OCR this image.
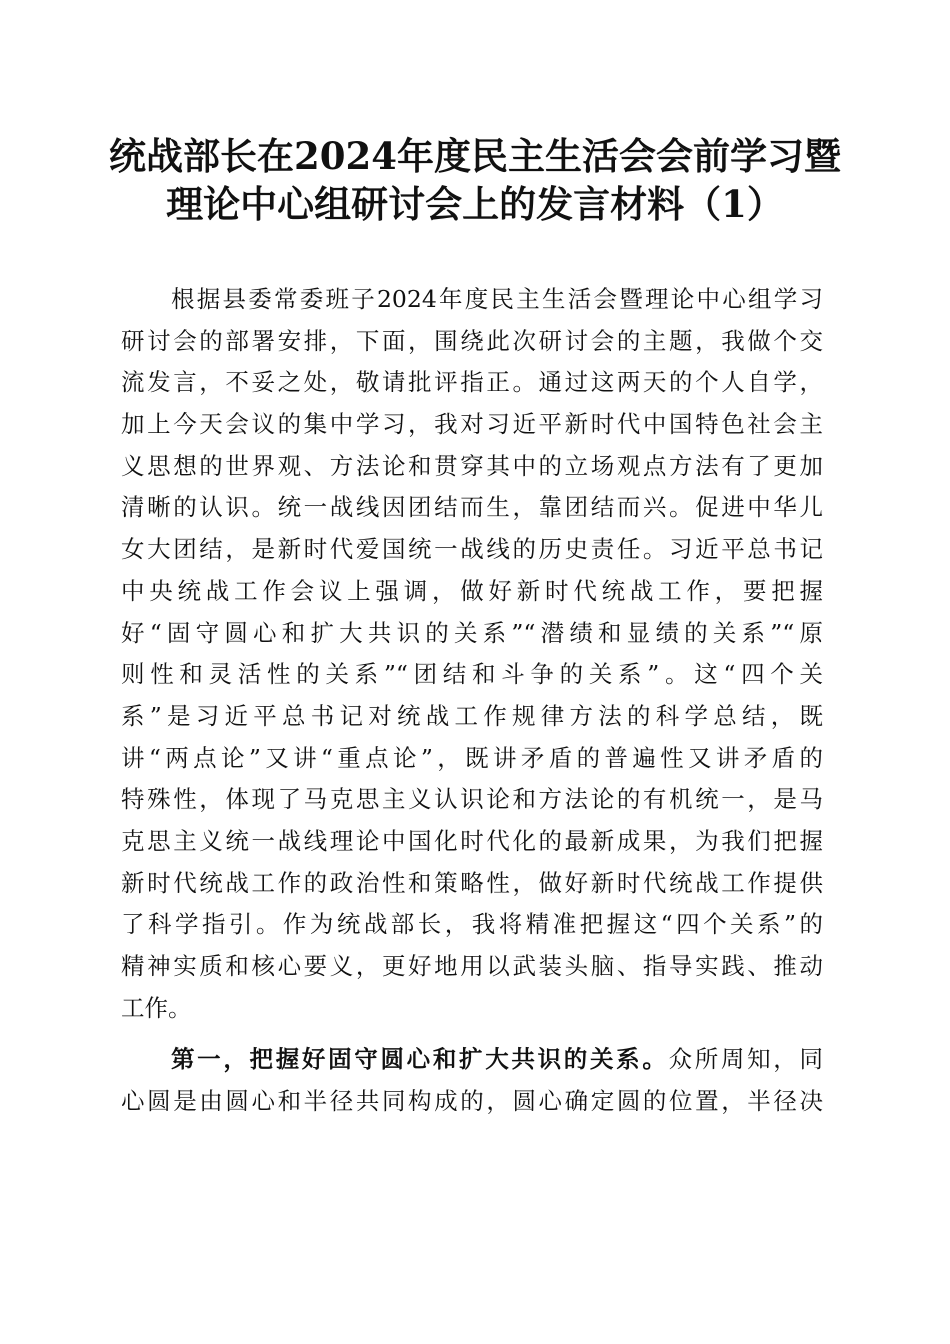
统战部长在2024年度民主生活会会前学习暨
理论中心组研讨会上的发言材料（1）
根据县委常委班子2024年度民主生活会暨理论中心组学习
研讨会的部署安排，下面，围绕此次研讨会的主题，我做个交
流发言，不妥之处，敬请批评指正。通过这两天的个人自学，
加上今天会议的集中学习，我对习近平新时代中国特色社会主
义思想的世界观、方法论和贯穿其中的立场观点方法有了更加
清晰的认识。统一战线因团结而生，靠团结而兴。促进中华儿
女大团结，是新时代爱国统一战线的历史责任。习近平总书记
中央统战工作会议上强调，做好新时代统战工作，要把握
好“固守圆心和扩大共识的关系”“潜绩和显绩的关系”“原
则性和灵活性的关系”“团结和斗争的关系”。这“四个关
系”是习近平总书记对统战工作规律方法的科学总结，既
讲“两点论”又讲“重点论”，既讲矛盾的普遍性又讲矛盾的
特殊性，体现了马克思主义认识论和方法论的有机统一，是马
克思主义统一战线理论中国化时代化的最新成果，为我们把握
新时代统战工作的政治性和策略性，做好新时代统战工作提供
了科学指引。作为统战部长，我将精准把握这“四个关系”的
精神实质和核心要义，更好地用以武装头脑、指导实践、推动
工作。
第一，把握好固守圆心和扩大共识的关系。众所周知，同
心圆是由圆心和半径共同构成的，圆心确定圆的位置，半径决
